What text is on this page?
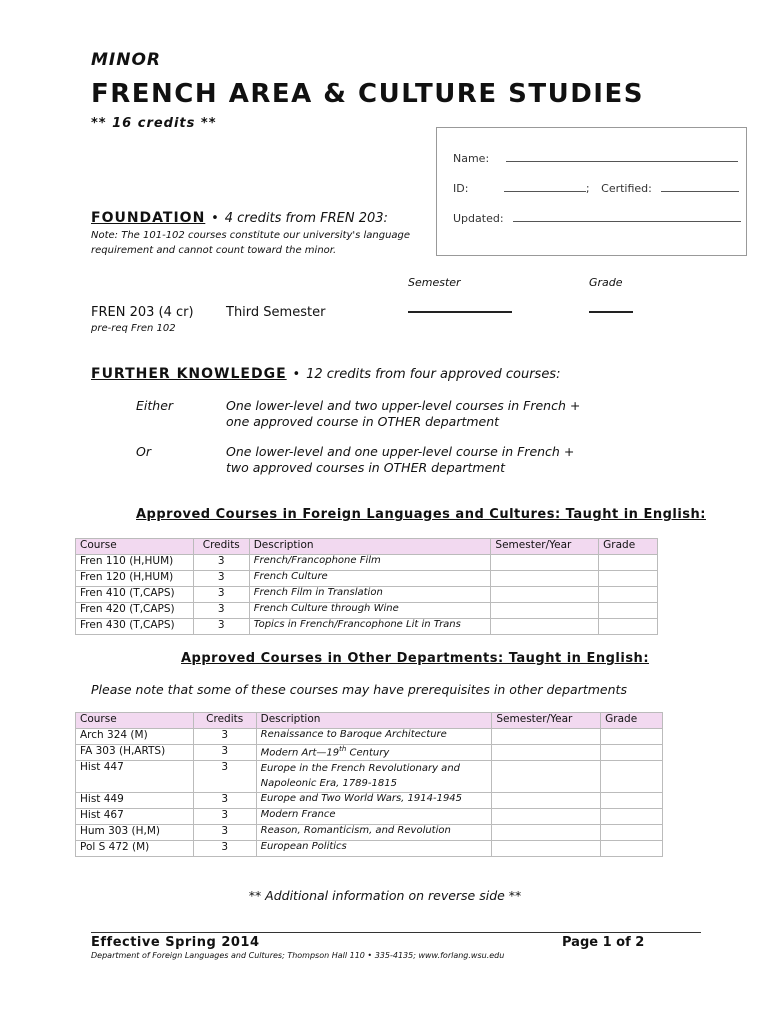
MINOR
FRENCH AREA & CULTURE STUDIES
** 16 credits **
Name:
ID:	; Certified:
Updated:
FOUNDATION • 4 credits from FREN 203:
Note: The 101-102 courses constitute our university's language
requirement and cannot count toward the minor.
Semester	Grade
FREN 203 (4 cr) Third Semester
pre-req Fren 102
FURTHER KNOWLEDGE • 12 credits from four approved courses:
Either	One lower-level and two upper-level courses in French +
one approved course in OTHER department
Or	One lower-level and one upper-level course in French +
two approved courses in OTHER department
Approved Courses in Foreign Languages and Cultures: Taught in English:
Course	Credits	Description	Semester/Year	Grade
Fren 110 (H,HUM)	3	French/Francophone Film		
Fren 120 (H,HUM)	3	French Culture		
Fren 410 (T,CAPS)	3	French Film in Translation		
Fren 420 (T,CAPS)	3	French Culture through Wine		
Fren 430 (T,CAPS)	3	Topics in French/Francophone Lit in Trans		
Approved Courses in Other Departments: Taught in English:
Please note that some of these courses may have prerequisites in other departments
Course	Credits	Description	Semester/Year	Grade
Arch 324 (M)	3	Renaissance to Baroque Architecture		
FA 303 (H,ARTS)	3	Modern Art—19th Century		
Hist 447	3	Europe in the French Revolutionary and
Napoleonic Era, 1789-1815		

Hist 449	3	Europe and Two World Wars, 1914-1945		
Hist 467	3	Modern France		
Hum 303 (H,M)	3	Reason, Romanticism, and Revolution		
Pol S 472 (M)	3	European Politics		
** Additional information on reverse side **
Effective Spring 2014	Page 1 of 2
Department of Foreign Languages and Cultures; Thompson Hall 110 • 335-4135; www.forlang.wsu.edu
